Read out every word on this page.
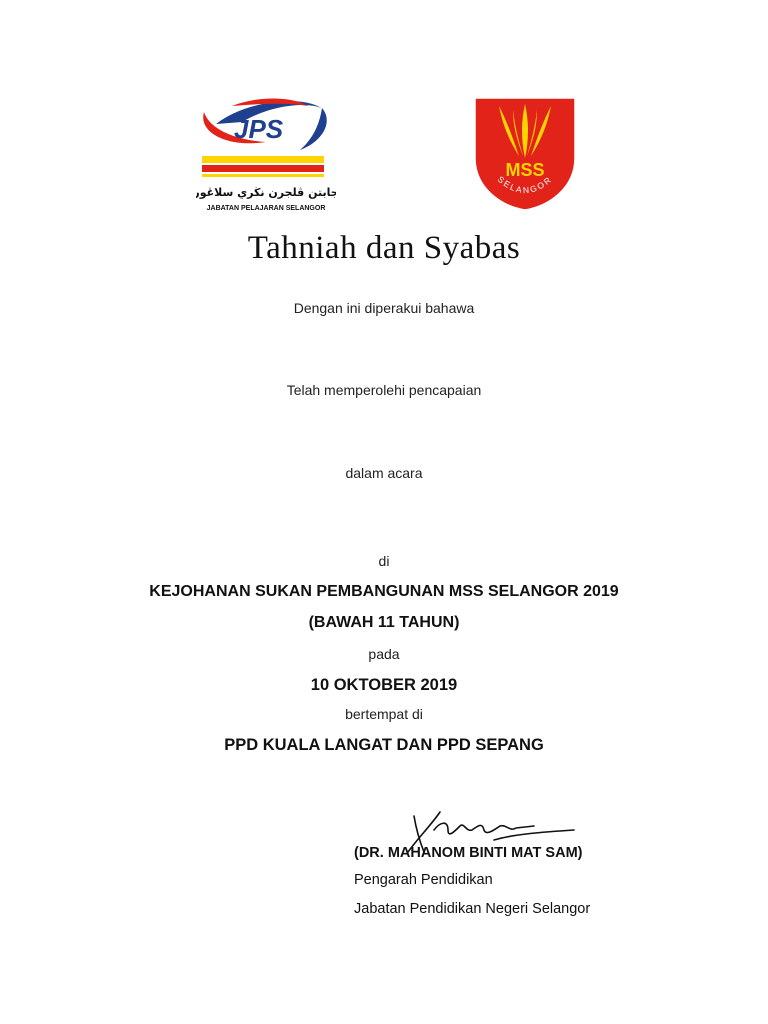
JPS
جابتن ڤلجرن نڬري سلاڠور
JABATAN PELAJARAN SELANGOR
MSS
SELANGOR
Tahniah dan Syabas
Dengan ini diperakui bahawa
Telah memperolehi pencapaian
dalam acara
di
KEJOHANAN SUKAN PEMBANGUNAN MSS SELANGOR 2019
(BAWAH 11 TAHUN)
pada
10 OKTOBER 2019
bertempat di
PPD KUALA LANGAT DAN PPD SEPANG
(DR. MAHANOM BINTI MAT SAM)
Pengarah Pendidikan
Jabatan Pendidikan Negeri Selangor
